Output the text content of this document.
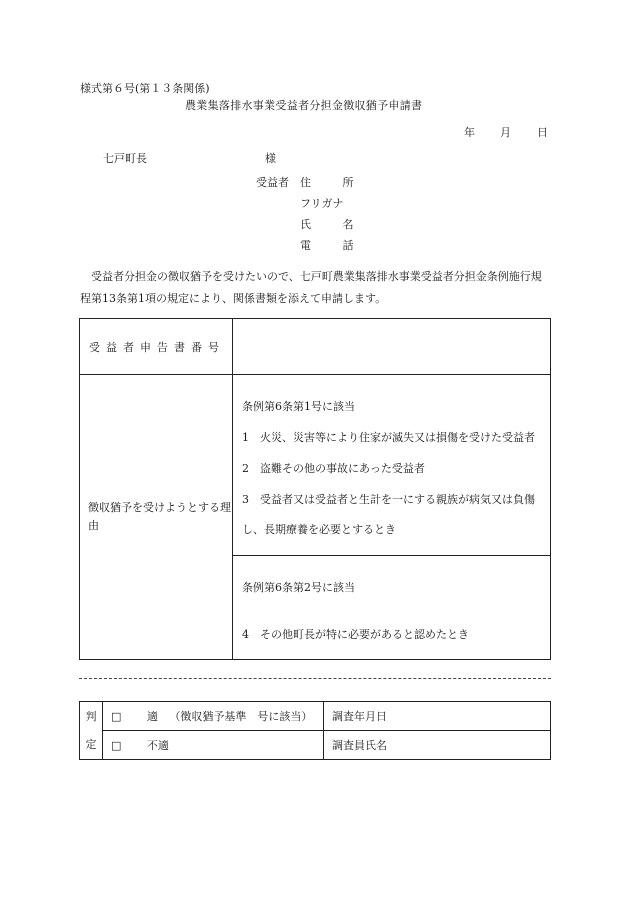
様式第６号(第１３条関係)
農業集落排水事業受益者分担金徴収猶予申請書
年 月 日
七戸町長	様
受益者 住 所
フリガナ
氏 名
電 話
受益者分担金の徴収猶予を受けたいので、七戸町農業集落排水事業受益者分担金条例施行規程第13条第1項の規定により、関係書類を添えて申請します。
受益者申告書番号	
徴収猶予を受けようとする理由	条例第6条第1号に該当
1　火災、災害等により住家が滅失又は損傷を受けた受益者
2　盗難その他の事故にあった受益者
3　受益者又は受益者と生計を一にする親族が病気又は負傷
し、長期療養を必要とするとき

	条例第6条第2号に該当
4　その他町長が特に必要があると認めたとき
判
定	□ 適 （徴収猶予基準　号に該当）	調査年月日
	□ 不適	調査員氏名
